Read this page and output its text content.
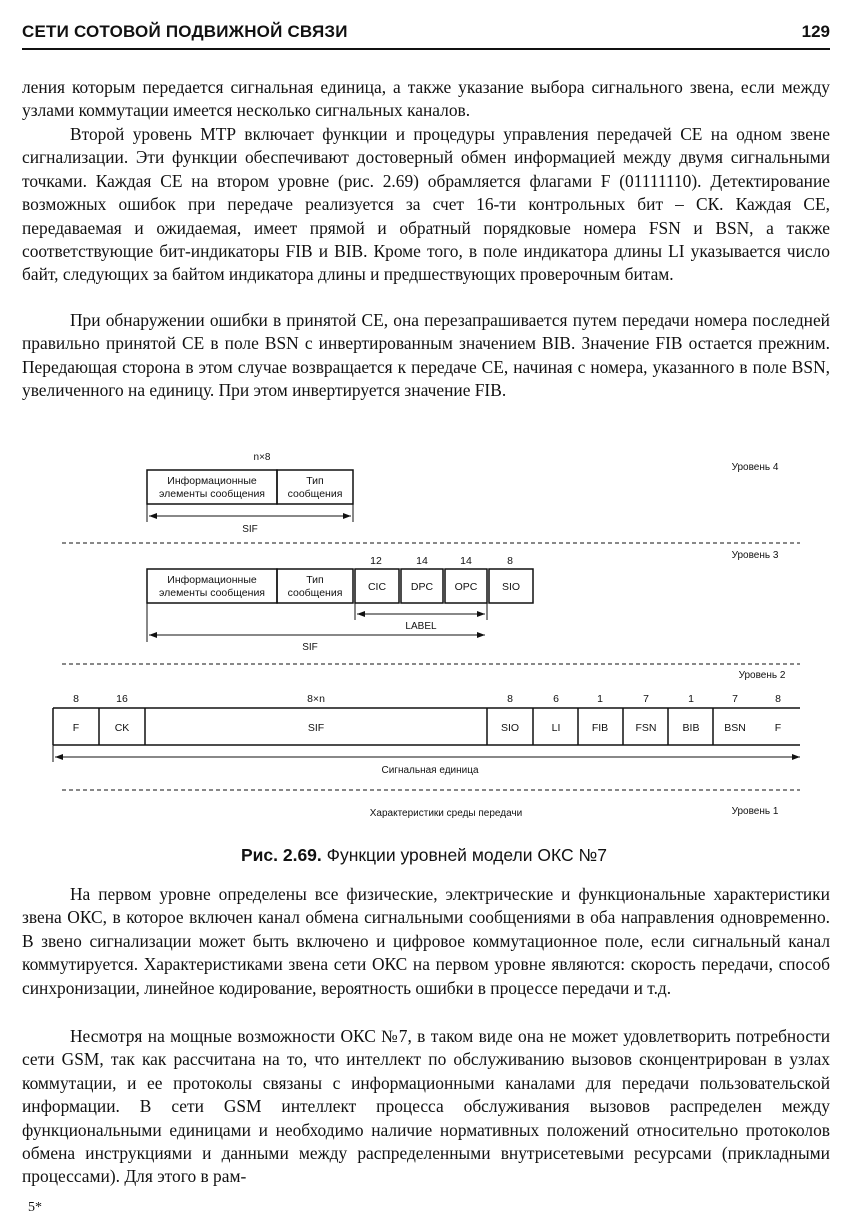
СЕТИ СОТОВОЙ ПОДВИЖНОЙ СВЯЗИ	129

ления которым передается сигнальная единица, а также указание выбора сигнального звена, если между узлами коммутации имеется несколько сигнальных каналов.

Второй уровень МТР включает функции и процедуры управления передачей СЕ на одном звене сигнализации. Эти функции обеспечивают достоверный обмен информацией между двумя сигнальными точками. Каждая СЕ на втором уровне (рис. 2.69) обрамляется флагами F (01111110). Детектирование возможных ошибок при передаче реализуется за счет 16-ти контрольных бит – СК. Каждая СЕ, передаваемая и ожидаемая, имеет прямой и обратный порядковые номера FSN и BSN, а также соответствующие бит-индикаторы FIB и BIB. Кроме того, в поле индикатора длины LI указывается число байт, следующих за байтом индикатора длины и предшествующих проверочным битам.

При обнаружении ошибки в принятой СЕ, она перезапрашивается путем передачи номера последней правильно принятой СЕ в поле BSN с инвертированным значением BIB. Значение FIB остается прежним. Передающая сторона в этом случае возвращается к передаче СЕ, начиная с номера, указанного в поле BSN, увеличенного на единицу. При этом инвертируется значение FIB.

n×8
Информационные
элементы сообщения
Тип
сообщения
SIF
Уровень 4
Уровень 3
12	14	14	8
Информационные
элементы сообщения
Тип
сообщения CIC DPC OPC SIO
LABEL
SIF
Уровень 2
8	16	8×n	8	6	1	7	1	7	8
F	CK	SIF	SIO	LI	FIB	FSN BIB BSN	F
Сигнальная единица
Характеристики среды передачи	Уровень 1
Рис. 2.69. Функции уровней модели ОКС №7

На первом уровне определены все физические, электрические и функциональные характеристики звена ОКС, в которое включен канал обмена сигнальными сообщениями в оба направления одновременно. В звено сигнализации может быть включено и цифровое коммутационное поле, если сигнальный канал коммутируется. Характеристиками звена сети ОКС на первом уровне являются: скорость передачи, способ синхронизации, линейное кодирование, вероятность ошибки в процессе передачи и т.д.

Несмотря на мощные возможности ОКС №7, в таком виде она не может удовлетворить потребности сети GSM, так как рассчитана на то, что интеллект по обслуживанию вызовов сконцентрирован в узлах коммутации, и ее протоколы связаны с информационными каналами для передачи пользовательской информации. В сети GSM интеллект процесса обслуживания вызовов распределен между функциональными единицами и необходимо наличие нормативных положений относительно протоколов обмена инструкциями и данными между распределенными внутрисетевыми ресурсами (прикладными процессами). Для этого в рам-

5*
